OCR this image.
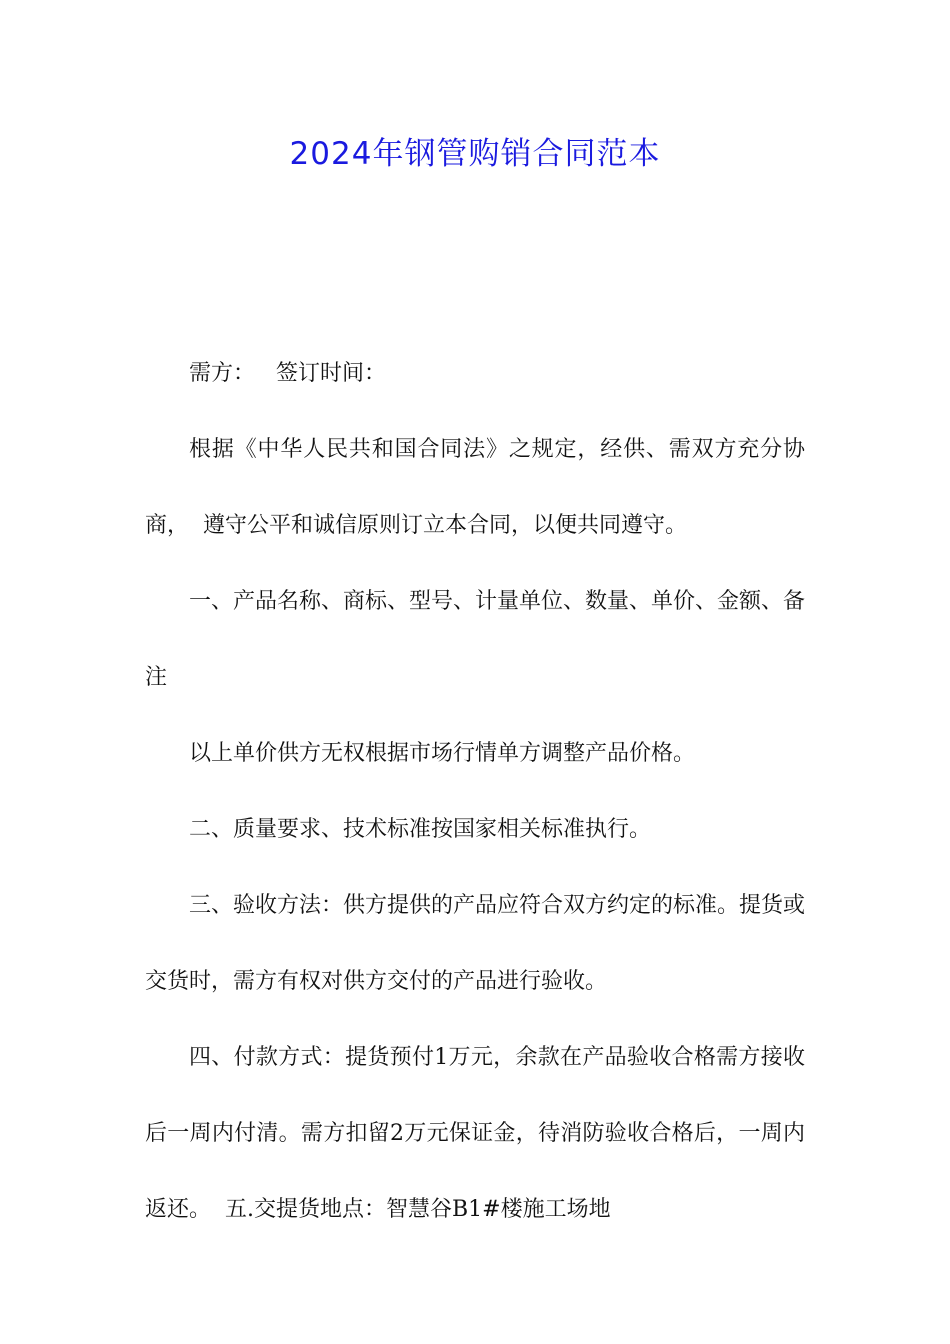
2024年钢管购销合同范本

需方：   签订时间：

根据《中华人民共和国合同法》之规定，经供、需双方充分协商，  遵守公平和诚信原则订立本合同，以便共同遵守。

一、产品名称、商标、型号、计量单位、数量、单价、金额、备注

以上单价供方无权根据市场行情单方调整产品价格。

二、质量要求、技术标准按国家相关标准执行。

三、验收方法：供方提供的产品应符合双方约定的标准。提货或交货时，需方有权对供方交付的产品进行验收。

四、付款方式：提货预付1万元，余款在产品验收合格需方接收后一周内付清。需方扣留2万元保证金，待消防验收合格后，一周内返还。  五.交提货地点：智慧谷B1#楼施工场地
